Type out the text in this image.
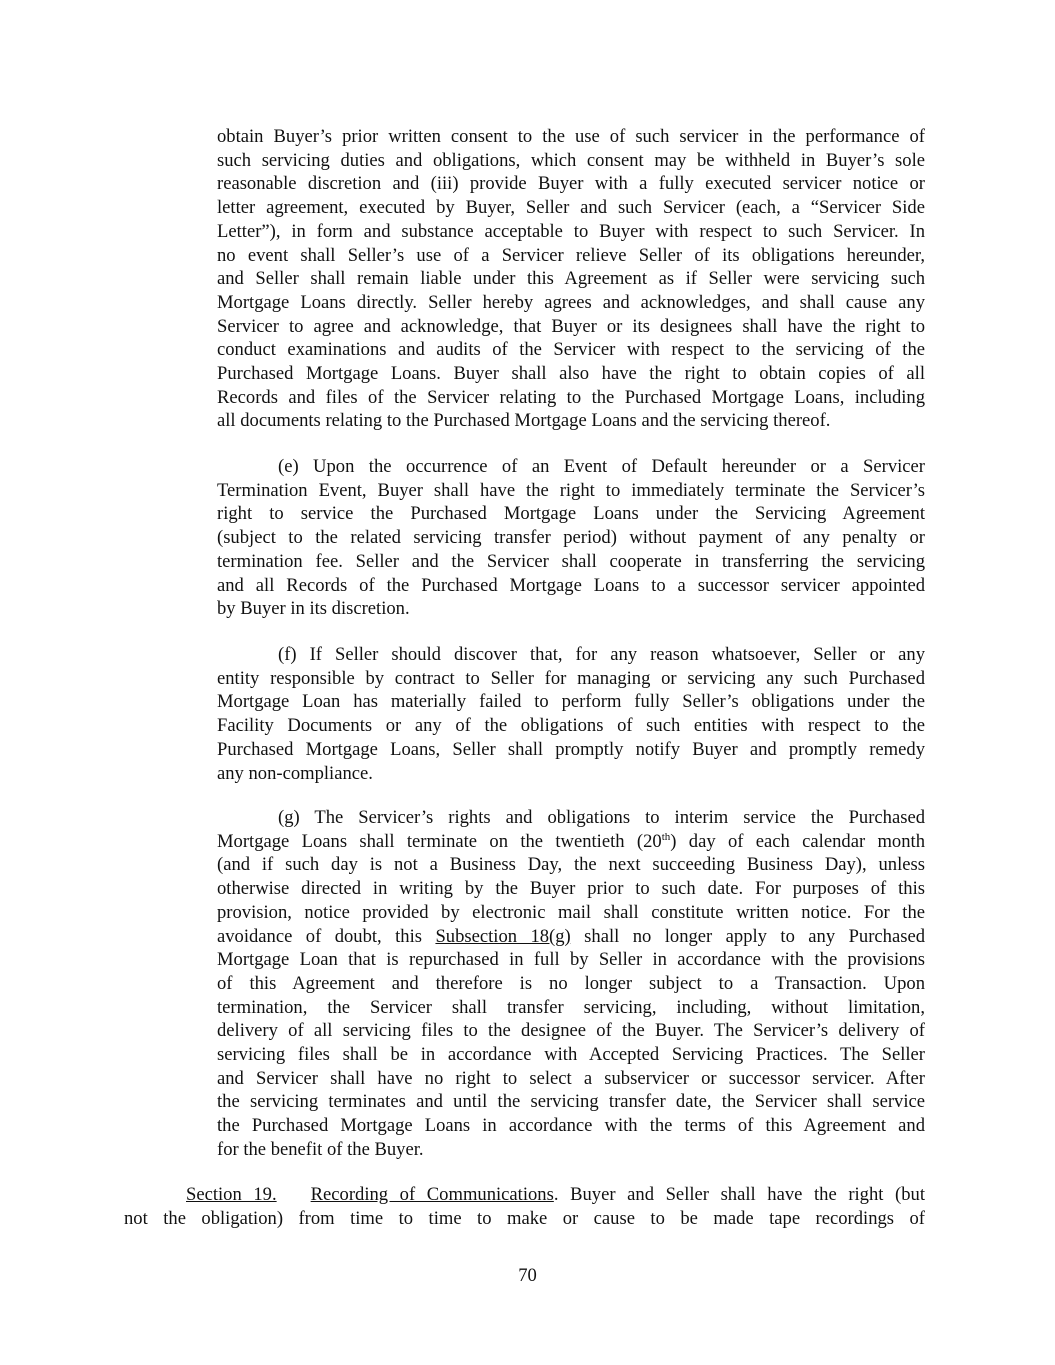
obtain Buyer’s prior written consent to the use of such servicer in the performance of
such servicing duties and obligations, which consent may be withheld in Buyer’s sole
reasonable discretion and (iii) provide Buyer with a fully executed servicer notice or
letter agreement, executed by Buyer, Seller and such Servicer (each, a “Servicer Side
Letter”), in form and substance acceptable to Buyer with respect to such Servicer. In
no event shall Seller’s use of a Servicer relieve Seller of its obligations hereunder,
and Seller shall remain liable under this Agreement as if Seller were servicing such
Mortgage Loans directly. Seller hereby agrees and acknowledges, and shall cause any
Servicer to agree and acknowledge, that Buyer or its designees shall have the right to
conduct examinations and audits of the Servicer with respect to the servicing of the
Purchased Mortgage Loans. Buyer shall also have the right to obtain copies of all
Records and files of the Servicer relating to the Purchased Mortgage Loans, including
all documents relating to the Purchased Mortgage Loans and the servicing thereof.

(e) Upon the occurrence of an Event of Default hereunder or a Servicer
Termination Event, Buyer shall have the right to immediately terminate the Servicer’s
right to service the Purchased Mortgage Loans under the Servicing Agreement
(subject to the related servicing transfer period) without payment of any penalty or
termination fee. Seller and the Servicer shall cooperate in transferring the servicing
and all Records of the Purchased Mortgage Loans to a successor servicer appointed
by Buyer in its discretion.

(f) If Seller should discover that, for any reason whatsoever, Seller or any
entity responsible by contract to Seller for managing or servicing any such Purchased
Mortgage Loan has materially failed to perform fully Seller’s obligations under the
Facility Documents or any of the obligations of such entities with respect to the
Purchased Mortgage Loans, Seller shall promptly notify Buyer and promptly remedy
any non-compliance.

(g) The Servicer’s rights and obligations to interim service the Purchased
Mortgage Loans shall terminate on the twentieth (20th) day of each calendar month
(and if such day is not a Business Day, the next succeeding Business Day), unless
otherwise directed in writing by the Buyer prior to such date. For purposes of this
provision, notice provided by electronic mail shall constitute written notice. For the
avoidance of doubt, this Subsection 18(g) shall no longer apply to any Purchased
Mortgage Loan that is repurchased in full by Seller in accordance with the provisions
of this Agreement and therefore is no longer subject to a Transaction. Upon
termination, the Servicer shall transfer servicing, including, without limitation,
delivery of all servicing files to the designee of the Buyer. The Servicer’s delivery of
servicing files shall be in accordance with Accepted Servicing Practices. The Seller
and Servicer shall have no right to select a subservicer or successor servicer. After
the servicing terminates and until the servicing transfer date, the Servicer shall service
the Purchased Mortgage Loans in accordance with the terms of this Agreement and
for the benefit of the Buyer.

Section 19. Recording of Communications. Buyer and Seller shall have the right (but
not the obligation) from time to time to make or cause to be made tape recordings of

70
